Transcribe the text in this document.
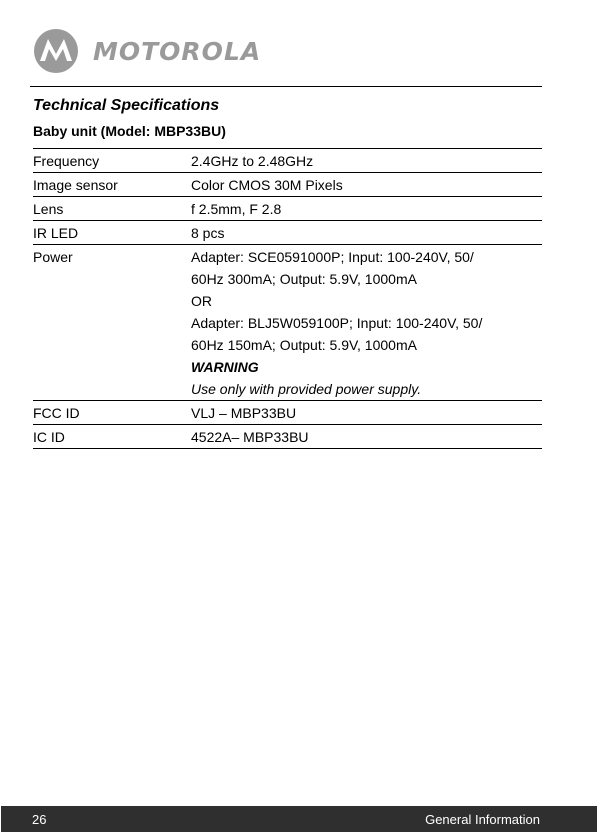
MOTOROLA
Technical Specifications
Baby unit (Model: MBP33BU)
Frequency	2.4GHz to 2.48GHz
Image sensor	Color CMOS 30M Pixels
Lens	f 2.5mm, F 2.8
IR LED	8 pcs
Power	Adapter: SCE0591000P; Input: 100-240V, 50/
60Hz 300mA; Output: 5.9V, 1000mA
OR
Adapter: BLJ5W059100P; Input: 100-240V, 50/
60Hz 150mA; Output: 5.9V, 1000mA
WARNING
Use only with provided power supply.
FCC ID	VLJ – MBP33BU
IC ID	4522A– MBP33BU
26	General Information
